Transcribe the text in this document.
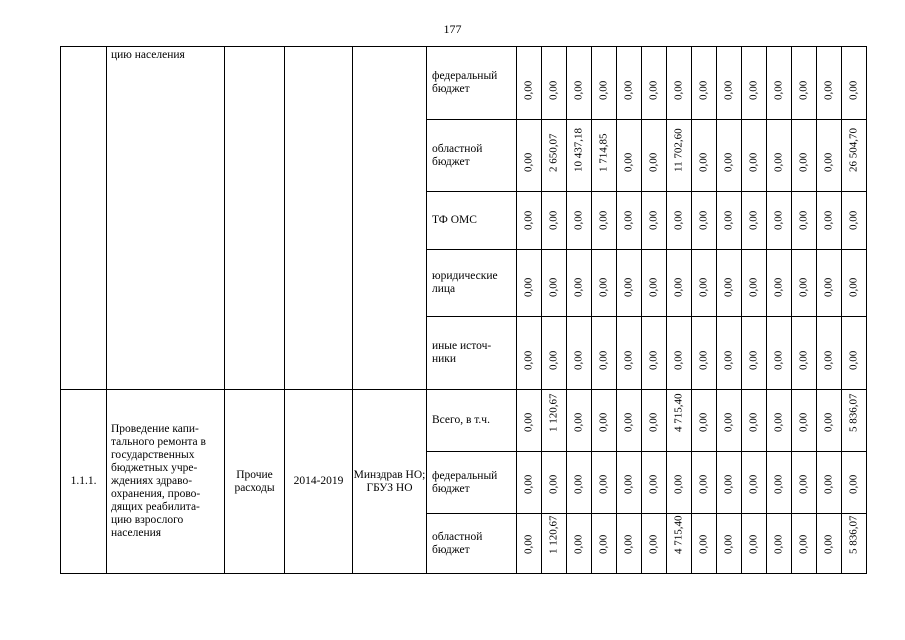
177
	цию населения				федеральный бюджет	0,00	0,00	0,00	0,00	0,00	0,00	0,00	0,00	0,00	0,00	0,00	0,00	0,00	0,00

					областной бюджет	0,00	2 650,07	10 437,18	1 714,85	0,00	0,00	11 702,60	0,00	0,00	0,00	0,00	0,00	0,00	26 504,70

					ТФ ОМС	0,00	0,00	0,00	0,00	0,00	0,00	0,00	0,00	0,00	0,00	0,00	0,00	0,00	0,00

					юридические лица	0,00	0,00	0,00	0,00	0,00	0,00	0,00	0,00	0,00	0,00	0,00	0,00	0,00	0,00

					иные источ-ники	0,00	0,00	0,00	0,00	0,00	0,00	0,00	0,00	0,00	0,00	0,00	0,00	0,00	0,00

1.1.1.	Проведение капи-тального ремонта в государственных бюджетных учре-ждениях здраво-охранения, прово-дящих реабилита-цию взрослого населения	Прочие расходы	2014-2019	Минздрав НО; ГБУЗ НО	Всего, в т.ч.	0,00	1 120,67	0,00	0,00	0,00	0,00	4 715,40	0,00	0,00	0,00	0,00	0,00	0,00	5 836,07

					федеральный бюджет	0,00	0,00	0,00	0,00	0,00	0,00	0,00	0,00	0,00	0,00	0,00	0,00	0,00	0,00

					областной бюджет	0,00	1 120,67	0,00	0,00	0,00	0,00	4 715,40	0,00	0,00	0,00	0,00	0,00	0,00	5 836,07
